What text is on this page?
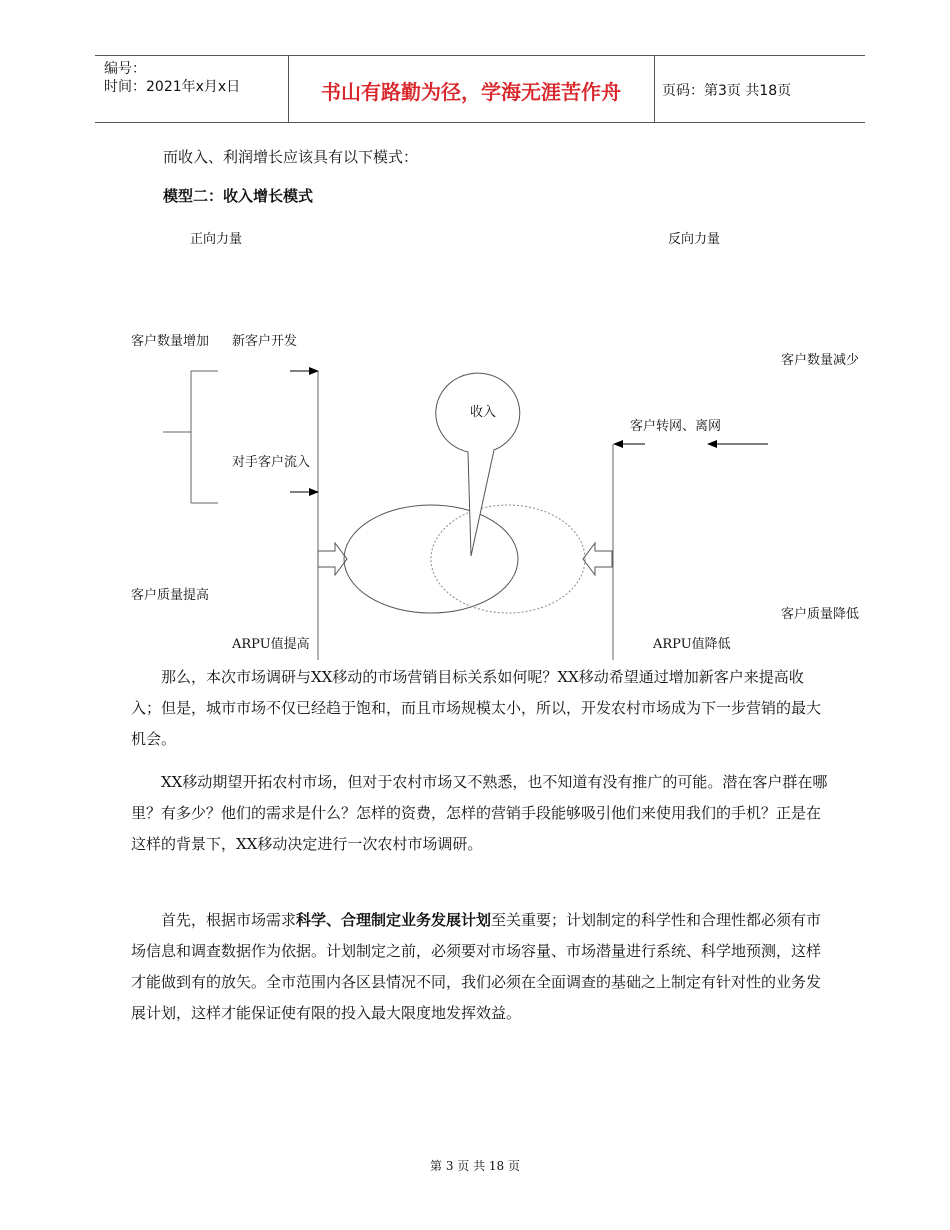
编号：
时间：2021年x月x日	书山有路勤为径，学海无涯苦作舟	页码：第3页 共18页
而收入、利润增长应该具有以下模式：
模型二：收入增长模式
正向力量	反向力量
客户数量增加 新客户开发
对手客户流入
客户质量提高
ARPU值提高
收入
客户数量减少
客户转网、离网
客户质量降低
ARPU值降低
那么，本次市场调研与XX移动的市场营销目标关系如何呢？XX移动希望通过增加新客户来提高收入；但是，城市市场不仅已经趋于饱和，而且市场规模太小，所以，开发农村市场成为下一步营销的最大机会。
XX移动期望开拓农村市场，但对于农村市场又不熟悉，也不知道有没有推广的可能。潜在客户群在哪里？有多少？他们的需求是什么？怎样的资费，怎样的营销手段能够吸引他们来使用我们的手机？正是在这样的背景下，XX移动决定进行一次农村市场调研。
首先，根据市场需求科学、合理制定业务发展计划至关重要；计划制定的科学性和合理性都必须有市场信息和调查数据作为依据。计划制定之前，必须要对市场容量、市场潜量进行系统、科学地预测，这样才能做到有的放矢。全市范围内各区县情况不同，我们必须在全面调查的基础之上制定有针对性的业务发展计划，这样才能保证使有限的投入最大限度地发挥效益。
第 3 页 共 18 页
